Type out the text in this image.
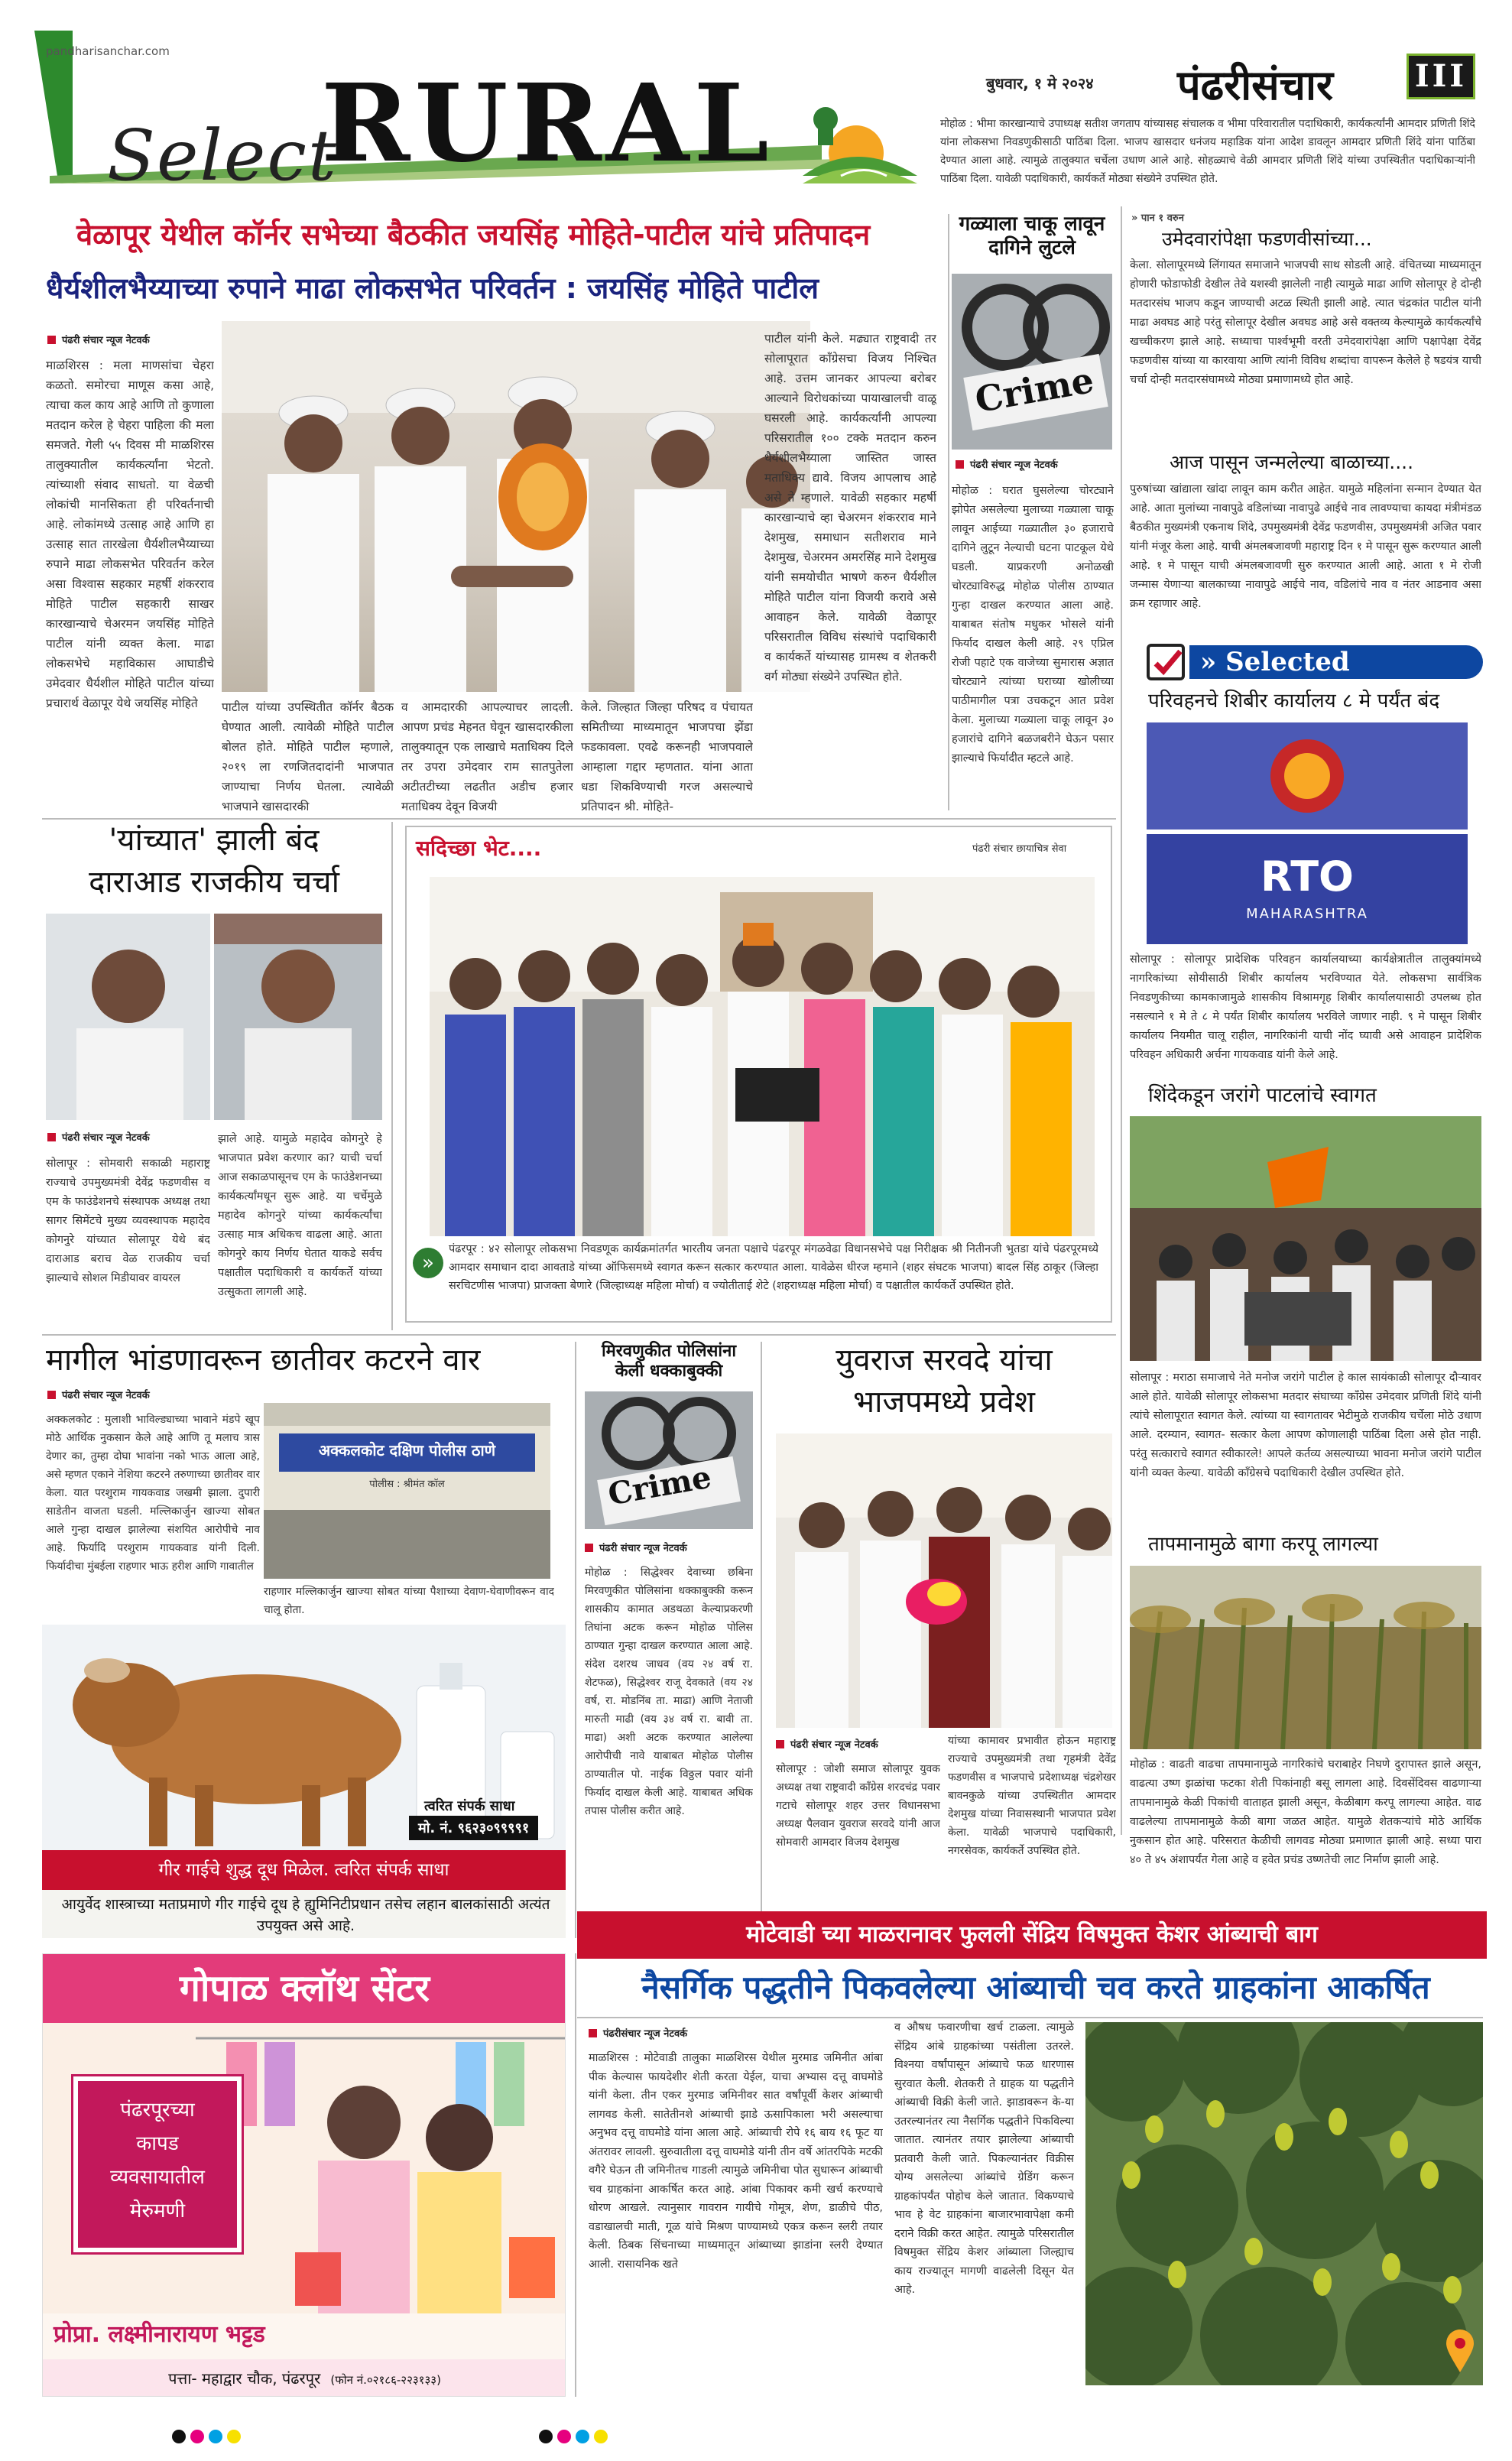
pandharisanchar.com
Select
RURAL	बुधवार, १ मे २०२४ पंढरीसंचार	III
मोहोळ : भीमा कारखान्याचे उपाध्यक्ष सतीश जगताप यांच्यासह संचालक व भीमा परिवारातील पदाधिकारी, कार्यकर्त्यांनी आमदार प्रणिती शिंदे यांना लोकसभा निवडणुकीसाठी पाठिंबा दिला. भाजप खासदार धनंजय महाडिक यांना आदेश डावलून आमदार प्रणिती शिंदे यांना पाठिंबा देण्यात आला आहे. त्यामुळे तालुक्यात चर्चेला उधाण आले आहे. सोहळ्याचे वेळी आमदार प्रणिती शिंदे यांच्या उपस्थितीत पदाधिकाऱ्यांनी पाठिंबा दिला. यावेळी पदाधिकारी, कार्यकर्ते मोठ्या संख्येने उपस्थित होते.
वेळापूर येथील कॉर्नर सभेच्या बैठकीत जयसिंह मोहिते-पाटील यांचे प्रतिपादन
धैर्यशीलभैय्याच्या रुपाने माढा लोकसभेत परिवर्तन : जयसिंह मोहिते पाटील
पंढरी संचार न्यूज नेटवर्क
माळशिरस : मला माणसांचा चेहरा कळतो. समोरचा माणूस कसा आहे, त्याचा कल काय आहे आणि तो कुणाला मतदान करेल हे चेहरा पाहिला की मला समजते. गेली ५५ दिवस मी माळशिरस तालुक्यातील कार्यकर्त्यांना भेटतो. त्यांच्याशी संवाद साधतो. या वेळची लोकांची मानसिकता ही परिवर्तनाची आहे. लोकांमध्ये उत्साह आहे आणि हा उत्साह सात तारखेला धैर्यशीलभैय्याच्या रुपाने माढा लोकसभेत परिवर्तन करेल असा विश्वास सहकार महर्षी शंकरराव मोहिते पाटील सहकारी साखर कारखान्याचे चेअरमन जयसिंह मोहिते पाटील यांनी व्यक्त केला. माढा लोकसभेचे महाविकास आघाडीचे उमेदवार धैर्यशील मोहिते पाटील यांच्या प्रचारार्थ वेळापूर येथे जयसिंह मोहिते	पाटील यांच्या उपस्थितीत कॉर्नर बैठक घेण्यात आली. त्यावेळी मोहिते पाटील बोलत होते. मोहिते पाटील म्हणाले, २०१९ ला रणजितदादांनी भाजपात जाण्याचा निर्णय घेतला. त्यावेळी भाजपाने खासदारकी
व आमदारकी आपल्याचर लादली. आपण प्रचंड मेहनत घेवून खासदारकीला तालुक्यातून एक लाखाचे मताधिक्य दिले तर उपरा उमेदवार राम सातपुतेला अटीतटीच्या लढतीत अडीच हजार मताधिक्य देवून विजयी
केले. जिल्हात जिल्हा परिषद व पंचायत समितीच्या माध्यमातून भाजपचा झेंडा फडकावला. एवढे करूनही भाजपवाले आम्हाला गद्दार म्हणतात. यांना आता धडा शिकविण्याची गरज असल्याचे प्रतिपादन श्री. मोहिते-
पाटील यांनी केले. मढ्यात राष्ट्रवादी तर सोलापूरात काँग्रेसचा विजय निश्चित आहे. उत्तम जानकर आपल्या बरोबर आल्याने विरोधकांच्या पायाखालची वाळू घसरली आहे. कार्यकर्त्यांनी आपल्या परिसरातील १०० टक्के मतदान करुन धैर्यशीलभैय्याला जास्तित जास्त मताधिक्य द्यावे. विजय आपलाच आहे असे ते म्हणाले. यावेळी सहकार महर्षी कारखान्याचे व्हा चेअरमन शंकरराव माने देशमुख, समाधान सतीशराव माने देशमुख, चेअरमन अमरसिंह माने देशमुख यांनी समयोचीत भाषणे करुन धैर्यशील मोहिते पाटील यांना विजयी करावे असे आवाहन केले. यावेळी वेळापूर परिसरातील विविध संस्थांचे पदाधिकारी व कार्यकर्ते यांच्यासह ग्रामस्थ व शेतकरी वर्ग मोठ्या संख्येने उपस्थित होते.
गळ्याला चाकू लावून दागिने लुटले
Crime
पंढरी संचार न्यूज नेटवर्क
मोहोळ : घरात घुसलेल्या चोरट्याने झोपेत असलेल्या मुलाच्या गळ्याला चाकू लावून आईच्या गळ्यातील ३० हजाराचे दागिने लुटून नेल्याची घटना पाटकूल येथे घडली. याप्रकरणी अनोळखी चोरट्याविरुद्ध मोहोळ पोलीस ठाण्यात गुन्हा दाखल करण्यात आला आहे. याबाबत संतोष मधुकर भोसले यांनी फिर्याद दाखल केली आहे. २९ एप्रिल रोजी पहाटे एक वाजेच्या सुमारास अज्ञात चोरट्याने त्यांच्या घराच्या खोलीच्या पाठीमागील पत्रा उचकटून आत प्रवेश केला. मुलाच्या गळ्याला चाकू लावून ३० हजारांचे दागिने बळजबरीने घेऊन पसार झाल्याचे फिर्यादीत म्हटले आहे.
» पान १ वरुन
उमेदवारांपेक्षा फडणवीसांच्या...
केला. सोलापूरमध्ये लिंगायत समाजाने भाजपची साथ सोडली आहे. वंचितच्या माध्यमातून होणारी फोडाफोडी देखील तेवे यशस्वी झालेली नाही त्यामुळे माढा आणि सोलापूर हे दोन्ही मतदारसंघ भाजप कडून जाण्याची अटळ स्थिती झाली आहे. त्यात चंद्रकांत पाटील यांनी माढा अवघड आहे परंतु सोलापूर देखील अवघड आहे असे वक्तव्य केल्यामुळे कार्यकर्त्यांचे खच्चीकरण झाले आहे. सध्याचा पार्श्वभूमी वरती उमेदवारांपेक्षा आणि पक्षापेक्षा देवेंद्र फडणवीस यांच्या या कारवाया आणि त्यांनी विविध शब्दांचा वापरून केलेले हे षडयंत्र याची चर्चा दोन्ही मतदारसंघामध्ये मोठ्या प्रमाणामध्ये होत आहे.
आज पासून जन्मलेल्या बाळाच्या....
पुरुषांच्या खांद्याला खांदा लावून काम करीत आहेत. यामुळे महिलांना सन्मान देण्यात येत आहे. आता मुलांच्या नावापुढे वडिलांच्या नावापुढे आईचे नाव लावण्याचा कायदा मंत्रीमंडळ बैठकीत मुख्यमंत्री एकनाथ शिंदे, उपमुख्यमंत्री देवेंद्र फडणवीस, उपमुख्यमंत्री अजित पवार यांनी मंजूर केला आहे. याची अंमलबजावणी महाराष्ट्र दिन १ मे पासून सुरू करण्यात आली आहे. १ मे पासून याची अंमलबजावणी सुरु करण्यात आली आहे. आता १ मे रोजी जन्मास येणाऱ्या बालकाच्या नावापुढे आईचे नाव, वडिलांचे नाव व नंतर आडनाव असा क्रम रहाणार आहे.
» Selected
परिवहनचे शिबीर कार्यालय ८ मे पर्यंत बंद
RTO
MAHARASHTRA
सोलापूर : सोलापूर प्रादेशिक परिवहन कार्यालयाच्या कार्यक्षेत्रातील तालुक्यांमध्ये नागरिकांच्या सोयीसाठी शिबीर कार्यालय भरविण्यात येते. लोकसभा सार्वत्रिक निवडणुकीच्या कामकाजामुळे शासकीय विश्रामगृह शिबीर कार्यालयासाठी उपलब्ध होत नसल्याने १ मे ते ८ मे पर्यंत शिबीर कार्यालय भरविले जाणार नाही. ९ मे पासून शिबीर कार्यालय नियमीत चालू राहील, नागरिकांनी याची नोंद घ्यावी असे आवाहन प्रादेशिक परिवहन अधिकारी अर्चना गायकवाड यांनी केले आहे.
शिंदेकडून जरांगे पाटलांचे स्वागत
सोलापूर : मराठा समाजाचे नेते मनोज जरांगे पाटील हे काल सायंकाळी सोलापूर दौऱ्यावर आले होते. यावेळी सोलापूर लोकसभा मतदार संघाच्या काँग्रेस उमेदवार प्रणिती शिंदे यांनी त्यांचे सोलापूरात स्वागत केले. त्यांच्या या स्वागतावर भेटीमुळे राजकीय चर्चेला मोठे उधाण आले. दरम्यान, स्वागत- सत्कार केला आपण कोणालाही पाठिंबा दिला असे होत नाही. परंतु सत्काराचे स्वागत स्वीकारले! आपले कर्तव्य असल्याच्या भावना मनोज जरांगे पाटील यांनी व्यक्त केल्या. यावेळी काँग्रेसचे पदाधिकारी देखील उपस्थित होते.
तापमानामुळे बागा करपू लागल्या
मोहोळ : वाढती वाढचा तापमानामुळे नागरिकांचे घराबाहेर निघणे दुरापास्त झाले असून, वाढत्या उष्ण झळांचा फटका शेती पिकांनाही बसू लागला आहे. दिवसेंदिवस वाढणाऱ्या तापमानामुळे केळी पिकांची वाताहत झाली असून, केळीबाग करपू लागल्या आहेत. वाढ वाढलेल्या तापमानामुळे केळी बागा जळत आहेत. यामुळे शेतकऱ्यांचे मोठे आर्थिक नुकसान होत आहे. परिसरात केळीची लागवड मोठ्या प्रमाणात झाली आहे. सध्या पारा ४० ते ४५ अंशापर्यंत गेला आहे व हवेत प्रचंड उष्णतेची लाट निर्माण झाली आहे.
'यांच्यात' झाली बंद
दाराआड राजकीय चर्चा
पंढरी संचार न्यूज नेटवर्क
सोलापूर : सोमवारी सकाळी महाराष्ट्र राज्याचे उपमुख्यमंत्री देवेंद्र फडणवीस व एम के फाउंडेशनचे संस्थापक अध्यक्ष तथा सागर सिमेंटचे मुख्य व्यवस्थापक महादेव कोगनुरे यांच्यात सोलापूर येथे बंद दाराआड बराच वेळ राजकीय चर्चा झाल्याचे सोशल मिडीयावर वायरल
झाले आहे. यामुळे महादेव कोगनुरे हे भाजपात प्रवेश करणार का? याची चर्चा आज सकाळपासूनच एम के फाउंडेशनच्या कार्यकर्त्यांमधून सुरू आहे. या चर्चेमुळे महादेव कोगनुरे यांच्या कार्यकर्त्यांचा उत्साह मात्र अधिकच वाढला आहे. आता कोगनुरे काय निर्णय घेतात याकडे सर्वच पक्षातील पदाधिकारी व कार्यकर्ते यांच्या उत्सुकता लागली आहे.
सदिच्छा भेट....	पंढरी संचार छायाचित्र सेवा
»
पंढरपूर : ४२ सोलापूर लोकसभा निवडणूक कार्यक्रमांतर्गत भारतीय जनता पक्षाचे पंढरपूर मंगळवेढा विधानसभेचे पक्ष निरीक्षक श्री नितीनजी भुतडा यांचे पंढरपूरमध्ये आमदार समाधान दादा आवताडे यांच्या ऑफिसमध्ये स्वागत करून सत्कार करण्यात आला. यावेळेस धीरज म्हमाने (शहर संघटक भाजपा) बादल सिंह ठाकूर (जिल्हा सरचिटणीस भाजपा) प्राजक्ता बेणारे (जिल्हाध्यक्ष महिला मोर्चा) व ज्योतीताई शेटे (शहराध्यक्ष महिला मोर्चा) व पक्षातील कार्यकर्ते उपस्थित होते.
मागील भांडणावरून छातीवर कटरने वार
पंढरी संचार न्यूज नेटवर्क
अक्कलकोट : मुलाशी भाविल्ड्याच्या भावाने मंडपे खूप मोठे आर्थिक नुकसान केले आहे आणि तू मलाच त्रास देणार का, तुम्हा दोघा भावांना नको भाऊ आला आहे, असे म्हणत एकाने नेशिया कटरने तरुणाच्या छातीवर वार केला. यात परशुराम गायकवाड जखमी झाला. दुपारी साडेतीन वाजता घडली. मल्लिकार्जुन खाज्या सोबत आले गुन्हा दाखल झालेल्या संशयित आरोपीचे नाव आहे. फिर्यादि परशुराम गायकवाड यांनी दिली. फिर्यादीचा मुंबईला राहणार भाऊ हरीश आणि गावातील
अक्कलकोट दक्षिण पोलीस ठाणे
पोलीस : श्रीमंत कॉल
राहणार मल्लिकार्जुन खाज्या सोबत यांच्या पैशाच्या देवाण-घेवाणीवरून वाद चालू होता.
त्वरित संपर्क साधा
मो. नं. ९६२३०९९९९१
गीर गाईचे शुद्ध दूध मिळेल. त्वरित संपर्क साधा
आयुर्वेद शास्त्राच्या मताप्रमाणे गीर गाईचे दूध हे ह्युमिनिटीप्रधान तसेच लहान बालकांसाठी अत्यंत उपयुक्त असे आहे.
मिरवणुकीत पोलिसांना केली धक्काबुक्की
Crime
पंढरी संचार न्यूज नेटवर्क
मोहोळ : सिद्धेश्वर देवाच्या छबिना मिरवणुकीत पोलिसांना धक्काबुक्की करून शासकीय कामात अडथळा केल्याप्रकरणी तिघांना अटक करून मोहोळ पोलिस ठाण्यात गुन्हा दाखल करण्यात आला आहे. संदेश दशरथ जाधव (वय २४ वर्ष रा. शेटफळ), सिद्धेश्वर राजू देवकाते (वय २४ वर्ष, रा. मोडनिंब ता. माढा) आणि नेताजी मारुती माढी (वय ३४ वर्ष रा. बावी ता. माढा) अशी अटक करण्यात आलेल्या आरोपीची नावे याबाबत मोहोळ पोलीस ठाण्यातील पो. नाईक विठ्ठल पवार यांनी फिर्याद दाखल केली आहे. याबाबत अधिक तपास पोलीस करीत आहे.
युवराज सरवदे यांचा
भाजपमध्ये प्रवेश
पंढरी संचार न्यूज नेटवर्क
सोलापूर : जोशी समाज सोलापूर युवक अध्यक्ष तथा राष्ट्रवादी काँग्रेस शरदचंद्र पवार गटाचे सोलापूर शहर उत्तर विधानसभा अध्यक्ष पैलवान युवराज सरवदे यांनी आज सोमवारी आमदार विजय देशमुख
यांच्या कामावर प्रभावीत होऊन महाराष्ट्र राज्याचे उपमुख्यमंत्री तथा गृहमंत्री देवेंद्र फडणवीस व भाजपाचे प्रदेशाध्यक्ष चंद्रशेखर बावनकुळे यांच्या उपस्थितीत आमदार देशमुख यांच्या निवासस्थानी भाजपात प्रवेश केला. यावेळी भाजपाचे पदाधिकारी, नगरसेवक, कार्यकर्ते उपस्थित होते.
मोटेवाडी च्या माळरानावर फुलली सेंद्रिय विषमुक्त केशर आंब्याची बाग
नैसर्गिक पद्धतीने पिकवलेल्या आंब्याची चव करते ग्राहकांना आकर्षित
गोपाळ क्लॉथ सेंटर
पंढरपूरच्या
कापड
व्यवसायातील
मेरुमणी
प्रोप्रा. लक्ष्मीनारायण भट्टड
पत्ता- महाद्वार चौक, पंढरपूर (फोन नं.०२१८६-२२३१३३)
पंढरीसंचार न्यूज नेटवर्क
माळशिरस : मोटेवाडी तालुका माळशिरस येथील मुरमाड जमिनीत आंबा पीक केल्यास फायदेशीर शेती करता येईल, याचा अभ्यास दत्तू वाघमोडे यांनी केला. तीन एकर मुरमाड जमिनीवर सात वर्षांपूर्वी केशर आंब्याची लागवड केली. सातेतीनशे आंब्याची झाडे ऊसापिकाला भरी असल्याचा अनुभव दत्तू वाघमोडे यांना आला आहे. आंब्याची रोपे १६ बाय १६ फूट या अंतरावर लावली. सुरुवातीला दत्तू वाघमोडे यांनी तीन वर्षे आंतरपिके मटकी वगैरे घेऊन ती जमिनीतच गाडली त्यामुळे जमिनीचा पोत सुधारून आंब्याची चव ग्राहकांना आकर्षित करत आहे. आंबा पिकावर कमी खर्च करण्याचे धोरण आखले. त्यानुसार गावरान गायीचे गोमूत्र, शेण, डाळीचे पीठ, वडाखालची माती, गूळ यांचे मिश्रण पाण्यामध्ये एकत्र करून स्लरी तयार केली. ठिबक सिंचनाच्या माध्यमातून आंब्याच्या झाडांना स्लरी देण्यात आली. रासायनिक खते
व औषध फवारणीचा खर्च टाळला. त्यामुळे सेंद्रिय आंबे ग्राहकांच्या पसंतीला उतरले. विश्‍नया वर्षांपासून आंब्याचे फळ धारणास सुरवात केली. शेतकरी ते ग्राहक या पद्धतीने आंब्याची विक्री केली जाते. झाडावरून के-या उतरल्यानंतर त्या नैसर्गिक पद्धतीने पिकविल्या जातात. त्यानंतर तयार झालेल्या आंब्याची प्रतवारी केली जाते. पिकल्यानंतर विक्रीस योग्य असलेल्या आंब्यांचे ग्रेडिंग करून ग्राहकांपर्यंत पोहोच केले जातात. विकण्याचे भाव हे वेट ग्राहकांना बाजारभावापेक्षा कमी दराने विक्री करत आहेत. त्यामुळे परिसरातील विषमुक्त सेंद्रिय केशर आंब्याला जिल्ह्याच काय राज्यातून मागणी वाढलेली दिसून येत आहे.
